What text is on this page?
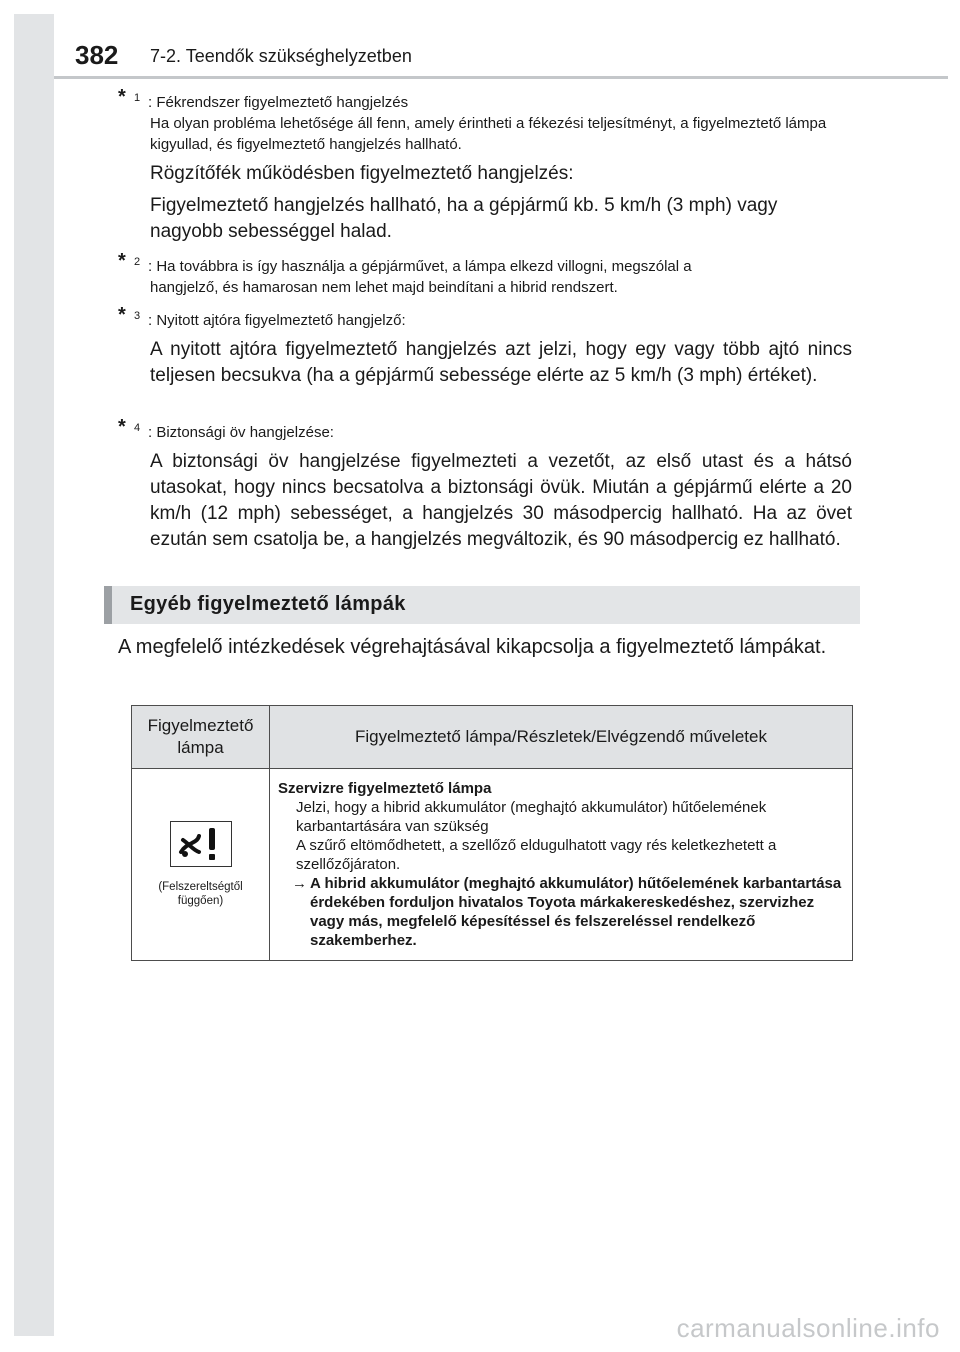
382 7-2. Teendők szükséghelyzetben
* 1 : Fékrendszer figyelmeztető hangjelzés
Ha olyan probléma lehetősége áll fenn, amely érintheti a fékezési teljesítményt, a figyelmeztető lámpa kigyullad, és figyelmeztető hangjelzés hallható.
Rögzítőfék működésben figyelmeztető hangjelzés:
Figyelmeztető hangjelzés hallható, ha a gépjármű kb. 5 km/h (3 mph) vagy nagyobb sebességgel halad.
* 2 : Ha továbbra is így használja a gépjárművet, a lámpa elkezd villogni, megszólal a
hangjelző, és hamarosan nem lehet majd beindítani a hibrid rendszert.
* 3 : Nyitott ajtóra figyelmeztető hangjelző:
A nyitott ajtóra figyelmeztető hangjelzés azt jelzi, hogy egy vagy több ajtó nincs teljesen becsukva (ha a gépjármű sebessége elérte az 5 km/h (3 mph) értéket).
* 4 : Biztonsági öv hangjelzése:
A biztonsági öv hangjelzése figyelmezteti a vezetőt, az első utast és a hátsó utasokat, hogy nincs becsatolva a biztonsági övük. Miután a gépjármű elérte a 20 km/h (12 mph) sebességet, a hangjelzés 30 másodpercig hallható. Ha az övet ezután sem csatolja be, a hangjelzés megváltozik, és 90 másodpercig ez hallható.
Egyéb figyelmeztető lámpák
A megfelelő intézkedések végrehajtásával kikapcsolja a figyelmeztető lámpákat.
Figyelmeztető lámpa	Figyelmeztető lámpa/Részletek/Elvégzendő műveletek

(Felszereltségtől függően)	Szervizre figyelmeztető lámpa
Jelzi, hogy a hibrid akkumulátor (meghajtó akkumulátor) hűtőelemének karbantartására van szükség
A szűrő eltömődhetett, a szellőző eldugulhatott vagy rés keletkezhetett a szellőzőjáraton.
→ A hibrid akkumulátor (meghajtó akkumulátor) hűtőelemének karbantartása érdekében forduljon hivatalos Toyota márkakereskedéshez, szervizhez vagy más, megfelelő képesítéssel és felszereléssel rendelkező szakemberhez.
carmanualsonline.info
